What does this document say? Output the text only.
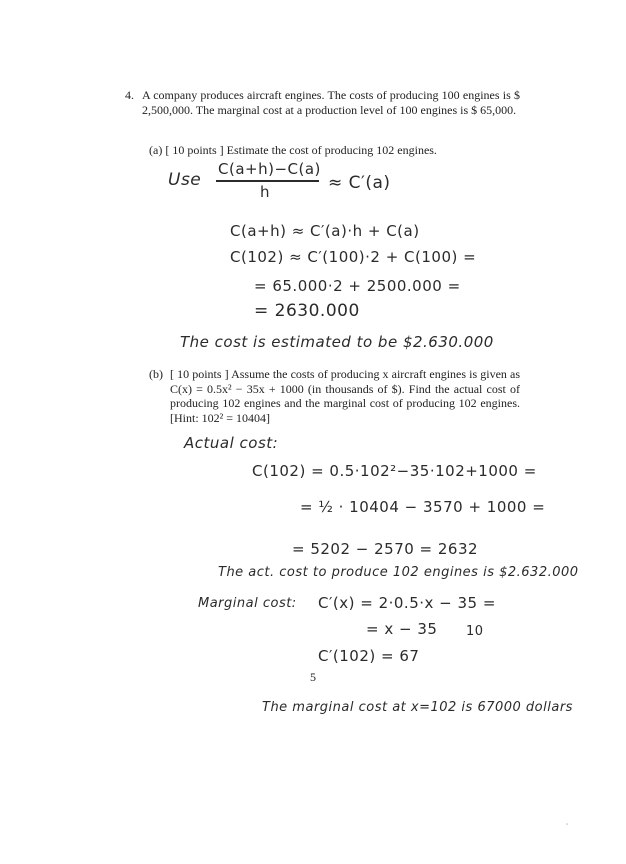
4. A company produces aircraft engines. The costs of producing 100 engines is $ 2,500,000. The marginal cost at a production level of 100 engines is $ 65,000.
(a) [ 10 points ] Estimate the cost of producing 102 engines.
Use
C(a+h)−C(a)
h	≈ C′(a)
C(a+h) ≈ C′(a)·h + C(a)
C(102) ≈ C′(100)·2 + C(100) =
= 65.000·2 + 2500.000 =
= 2630.000
The cost is estimated to be $2.630.000
(b) [ 10 points ] Assume the costs of producing x aircraft engines is given as C(x) = 0.5x² − 35x + 1000 (in thousands of $). Find the actual cost of producing 102 engines and the marginal cost of producing 102 engines. [Hint: 102² = 10404]
Actual cost:
C(102) = 0.5·102²−35·102+1000 =
= ½ · 10404 − 3570 + 1000 =
= 5202 − 2570 = 2632
The act. cost to produce 102 engines is $2.632.000
Marginal cost: C′(x) = 2·0.5·x − 35 =
= x − 35 10
C′(102) = 67
5
The marginal cost at x=102 is 67000 dollars
